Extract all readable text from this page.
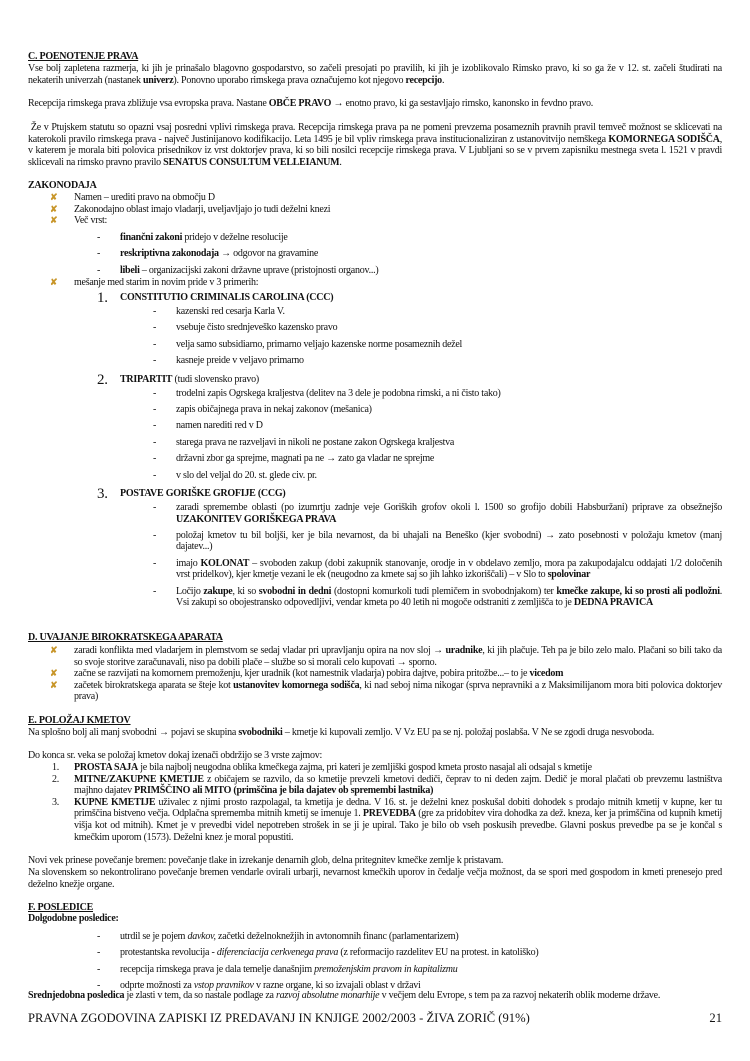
C. POENOTENJE PRAVA
Vse bolj zapletena razmerja, ki jih je prinašalo blagovno gospodarstvo, so začeli presojati po pravilih, ki jih je izoblikovalo Rimsko pravo, ki so ga že v 12. st. začeli študirati na nekaterih univerzah (nastanek univerz). Ponovno uporabo rimskega prava označujemo kot njegovo recepcijo.
Recepcija rimskega prava zbližuje vsa evropska prava. Nastane OBČE PRAVO → enotno pravo, ki ga sestavljajo rimsko, kanonsko in fevdno pravo.
Že v Ptujskem statutu so opazni vsaj posredni vplivi rimskega prava. Recepcija rimskega prava pa ne pomeni prevzema posameznih pravnih pravil temveč možnost se sklicevati na katerokoli pravilo rimskega prava - največ Justinijanovo kodifikacijo. Leta 1495 je bil vpliv rimskega prava institucionaliziran z ustanovitvijo nemškega KOMORNEGA SODIŠČA, v katerem je morala biti polovica prisednikov iz vrst doktorjev prava, ki so bili nosilci recepcije rimskega prava. V Ljubljani so se v prvem zapisniku mestnega sveta l. 1521 v pravdi sklicevali na rimsko pravno pravilo SENATUS CONSULTUM VELLEIANUM.
ZAKONODAJA
✘	Namen – urediti pravo na območju D
✘	Zakonodajno oblast imajo vladarji, uveljavljajo jo tudi deželni knezi
✘	Več vrst:
-	finančni zakoni pridejo v deželne resolucije
-	reskriptivna zakonodaja → odgovor na gravamine
-	libeli – organizacijski zakoni državne uprave (pristojnosti organov...)
✘	mešanje med starim in novim pride v 3 primerih:
1.	CONSTITUTIO CRIMINALIS CAROLINA (CCC)
-	kazenski red cesarja Karla V.
-	vsebuje čisto srednjeveško kazensko pravo
-	velja samo subsidiarno, primarno veljajo kazenske norme posameznih dežel
-	kasneje preide v veljavo primarno
2.	TRIPARTIT (tudi slovensko pravo)
-	trodelni zapis Ogrskega kraljestva (delitev na 3 dele je podobna rimski, a ni čisto tako)
-	zapis običajnega prava in nekaj zakonov (mešanica)
-	namen narediti red v D
-	starega prava ne razveljavi in nikoli ne postane zakon Ogrskega kraljestva
-	državni zbor ga sprejme, magnati pa ne → zato ga vladar ne sprejme
-	v slo del veljal do 20. st. glede civ. pr.
3.	POSTAVE GORIŠKE GROFIJE (CCG)
-	zaradi spremembe oblasti (po izumrtju zadnje veje Goriških grofov okoli l. 1500 so grofijo dobili Habsburžani) priprave za obsežnejšo UZAKONITEV GORIŠKEGA PRAVA
-	položaj kmetov tu bil boljši, ker je bila nevarnost, da bi uhajali na Beneško (kjer svobodni) → zato posebnosti v položaju kmetov (manj dajatev...)
-	imajo KOLONAT – svoboden zakup (dobi zakupnik stanovanje, orodje in v obdelavo zemljo, mora pa zakupodajalcu oddajati 1/2 določenih vrst pridelkov), kjer kmetje vezani le ek (neugodno za kmete saj so jih lahko izkoriščali) – v Slo to spolovinar
-	Ločijo zakupe, ki so svobodni in dedni (dostopni komurkoli tudi plemičem in svobodnjakom) ter kmečke zakupe, ki so prosti ali podložni. Vsi zakupi so obojestransko odpovedljivi, vendar kmeta po 40 letih ni mogoče odstraniti z zemljišča to je DEDNA PRAVICA
D. UVAJANJE BIROKRATSKEGA APARATA
✘	zaradi konflikta med vladarjem in plemstvom se sedaj vladar pri upravljanju opira na nov sloj → uradnike, ki jih plačuje. Teh pa je bilo zelo malo. Plačani so bili tako da so svoje storitve zaračunavali, niso pa dobili plače – službe so si morali celo kupovati → sporno.
✘	začne se razvijati na komornem premoženju, kjer uradnik (kot namestnik vladarja) pobira dajtve, pobira pritožbe...– to je vicedom
✘	začetek birokratskega aparata se šteje kot ustanovitev komornega sodišča, ki nad seboj nima nikogar (sprva nepravniki a z Maksimilijanom mora biti polovica doktorjev prava)
E. POLOŽAJ KMETOV
Na splošno bolj ali manj svobodni → pojavi se skupina svobodniki – kmetje ki kupovali zemljo. V Vz EU pa se nj. položaj poslabša. V Ne se zgodi druga nesvoboda.
Do konca sr. veka se položaj kmetov dokaj izenači obdržijo se 3 vrste zajmov:
1.	PROSTA SAJA je bila najbolj neugodna oblika kmečkega zajma, pri kateri je zemljiški gospod kmeta prosto nasajal ali odsajal s kmetije
2.	MITNE/ZAKUPNE KMETIJE z običajem se razvilo, da so kmetije prevzeli kmetovi dediči, čeprav to ni deden zajm. Dedič je moral plačati ob prevzemu lastništva majhno dajatev PRIMŠČINO ali MITO (primščina je bila dajatev ob spremembi lastnika)
3.	KUPNE KMETIJE uživalec z njimi prosto razpolagal, ta kmetija je dedna. V 16. st. je deželni knez poskušal dobiti dohodek s prodajo mitnih kmetij v kupne, ker tu primščina bistveno večja. Odplačna sprememba mitnih kmetij se imenuje 1. PREVEDBA (gre za pridobitev vira dohodka za dež. kneza, ker ja primščina od kupnih kmetij višja kot od mitnih). Kmet je v prevedbi videl nepotreben strošek in se ji je upiral. Tako je bilo ob vseh poskusih prevedbe. Glavni poskus prevedbe pa se je končal s kmečkim uporom (1573). Deželni knez je moral popustiti.
Novi vek prinese povečanje bremen: povečanje tlake in izrekanje denarnih glob, delna pritegnitev kmečke zemlje k pristavam.
Na slovenskem so nekontrolirano povečanje bremen vendarle ovirali urbarji, nevarnost kmečkih uporov in čedalje večja možnost, da se spori med gospodom in kmeti prenesejo pred deželno knežje organe.
F. POSLEDICE
Dolgodobne posledice:
-	utrdil se je pojem davkov, začetki deželnoknežjih in avtonomnih financ (parlamentarizem)
-	protestantska revolucija - diferenciacija cerkvenega prava (z reformacijo razdelitev EU na protest. in katoliško)
-	recepcija rimskega prava je dala temelje današnjim premoženjskim pravom in kapitalizmu
-	odprte možnosti za vstop pravnikov v razne organe, ki so izvajali oblast v državi
Srednjedobna posledica je zlasti v tem, da so nastale podlage za razvoj absolutne monarhije v večjem delu Evrope, s tem pa za razvoj nekaterih oblik moderne države.
PRAVNA ZGODOVINA ZAPISKI IZ PREDAVANJ IN KNJIGE 2002/2003 - ŽIVA ZORIČ (91%)	21
